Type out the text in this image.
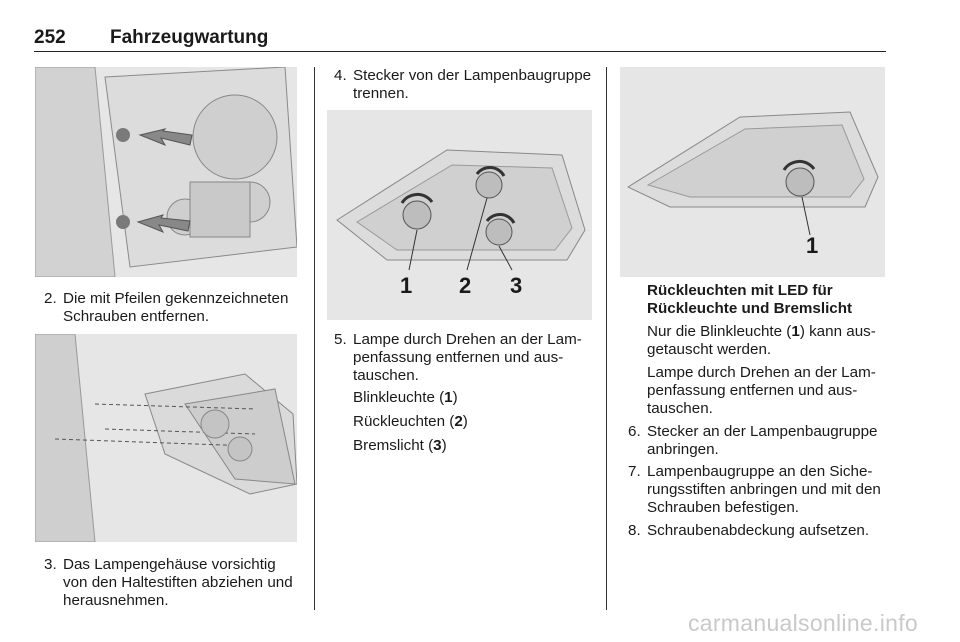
252 Fahrzeugwartung
2. Die mit Pfeilen gekennzeichneten Schrauben entfernen.
3. Das Lampengehäuse vorsichtig von den Haltestiften abziehen und herausnehmen.
4. Stecker von der Lampenbaugruppe trennen.
1 2 3
5. Lampe durch Drehen an der Lampenfassung entfernen und austauschen.
Blinkleuchte (1)
Rückleuchten (2)
Bremslicht (3)
1
Rückleuchten mit LED für Rückleuchte und Bremslicht
Nur die Blinkleuchte (1) kann ausgetauscht werden.
Lampe durch Drehen an der Lampenfassung entfernen und austauschen.
6. Stecker an der Lampenbaugruppe anbringen.
7. Lampenbaugruppe an den Sicherungsstiften anbringen und mit den Schrauben befestigen.
8. Schraubenabdeckung aufsetzen.
carmanualsonline.info
